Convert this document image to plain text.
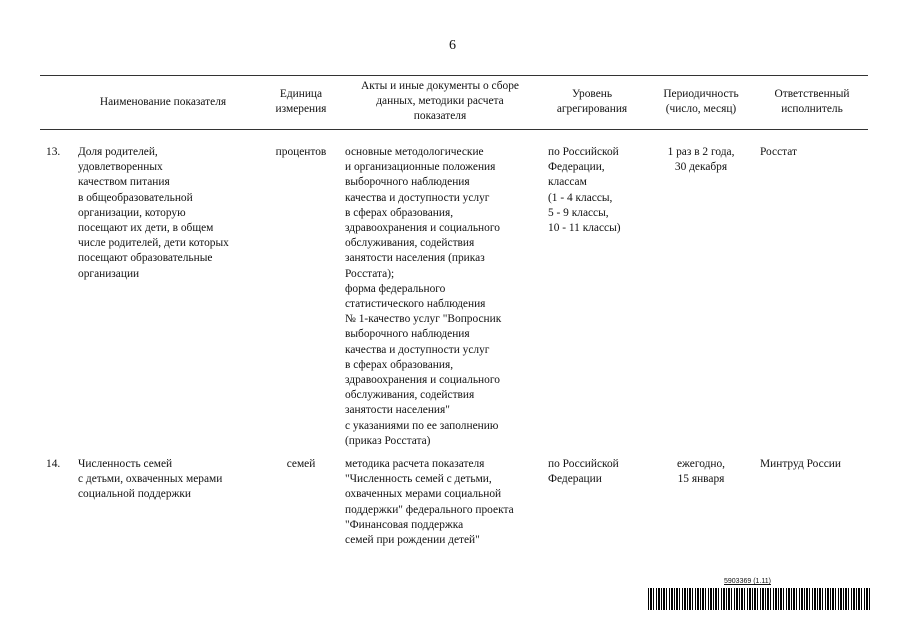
6
Наименование показателя
Единица
измерения
Акты и иные документы о сборе
данных, методики расчета
показателя
Уровень
агрегирования
Периодичность
(число, месяц)
Ответственный
исполнитель
13. Доля родителей,
удовлетворенных
качеством питания
в общеобразовательной
организации, которую
посещают их дети, в общем
числе родителей, дети которых
посещают образовательные
организации
процентов	основные методологические
и организационные положения
выборочного наблюдения
качества и доступности услуг
в сферах образования,
здравоохранения и социального
обслуживания, содействия
занятости населения (приказ
Росстата);
форма федерального
статистического наблюдения
№ 1-качество услуг "Вопросник
выборочного наблюдения
качества и доступности услуг
в сферах образования,
здравоохранения и социального
обслуживания, содействия
занятости населения"
с указаниями по ее заполнению
(приказ Росстата)
по Российской
Федерации,
классам
(1 - 4 классы,
5 - 9 классы,
10 - 11 классы)
1 раз в 2 года,
30 декабря
Росстат
14. Численность семей
с детьми, охваченных мерами
социальной поддержки
семей	методика расчета показателя
"Численность семей с детьми,
охваченных мерами социальной
поддержки" федерального проекта
"Финансовая поддержка
семей при рождении детей"
по Российской
Федерации
ежегодно,
15 января
Минтруд России
5903369 (1.11)
